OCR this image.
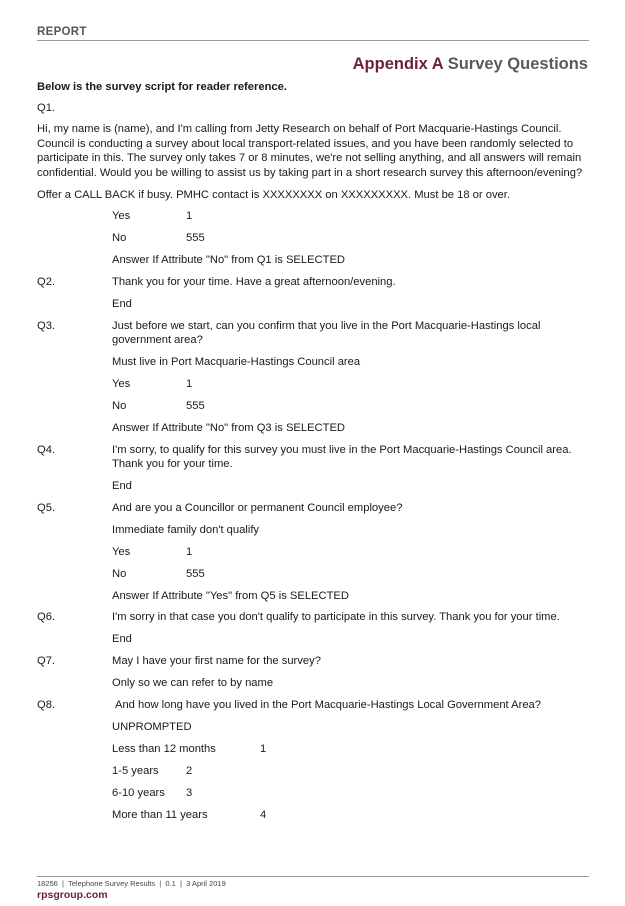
REPORT
Appendix A Survey Questions
Below is the survey script for reader reference.
Q1.
Hi, my name is (name), and I'm calling from Jetty Research on behalf of Port Macquarie-Hastings Council. Council is conducting a survey about local transport-related issues, and you have been randomly selected to participate in this. The survey only takes 7 or 8 minutes, we're not selling anything, and all answers will remain confidential. Would you be willing to assist us by taking part in a short research survey this afternoon/evening?
Offer a CALL BACK if busy. PMHC contact is XXXXXXXX on XXXXXXXXX. Must be 18 or over.
Yes	1
No	555
Answer If Attribute "No" from Q1 is SELECTED
Q2.	Thank you for your time. Have a great afternoon/evening.
End
Q3.	Just before we start, can you confirm that you live in the Port Macquarie-Hastings local government area?
Must live in Port Macquarie-Hastings Council area
Yes	1
No	555
Answer If Attribute "No" from Q3 is SELECTED
Q4.	I'm sorry, to qualify for this survey you must live in the Port Macquarie-Hastings Council area. Thank you for your time.
End
Q5.	And are you a Councillor or permanent Council employee?
Immediate family don't qualify
Yes	1
No	555
Answer If Attribute "Yes" from Q5 is SELECTED
Q6.	I'm sorry in that case you don't qualify to participate in this survey. Thank you for your time.
End
Q7.	May I have your first name for the survey?
Only so we can refer to by name
Q8.	And how long have you lived in the Port Macquarie-Hastings Local Government Area?
UNPROMPTED
Less than 12 months	1
1-5 years	2
6-10 years	3
More than 11 years	4
18256  |  Telephone Survey Results  |  0.1  |  3 April 2019
rpsgroup.com
